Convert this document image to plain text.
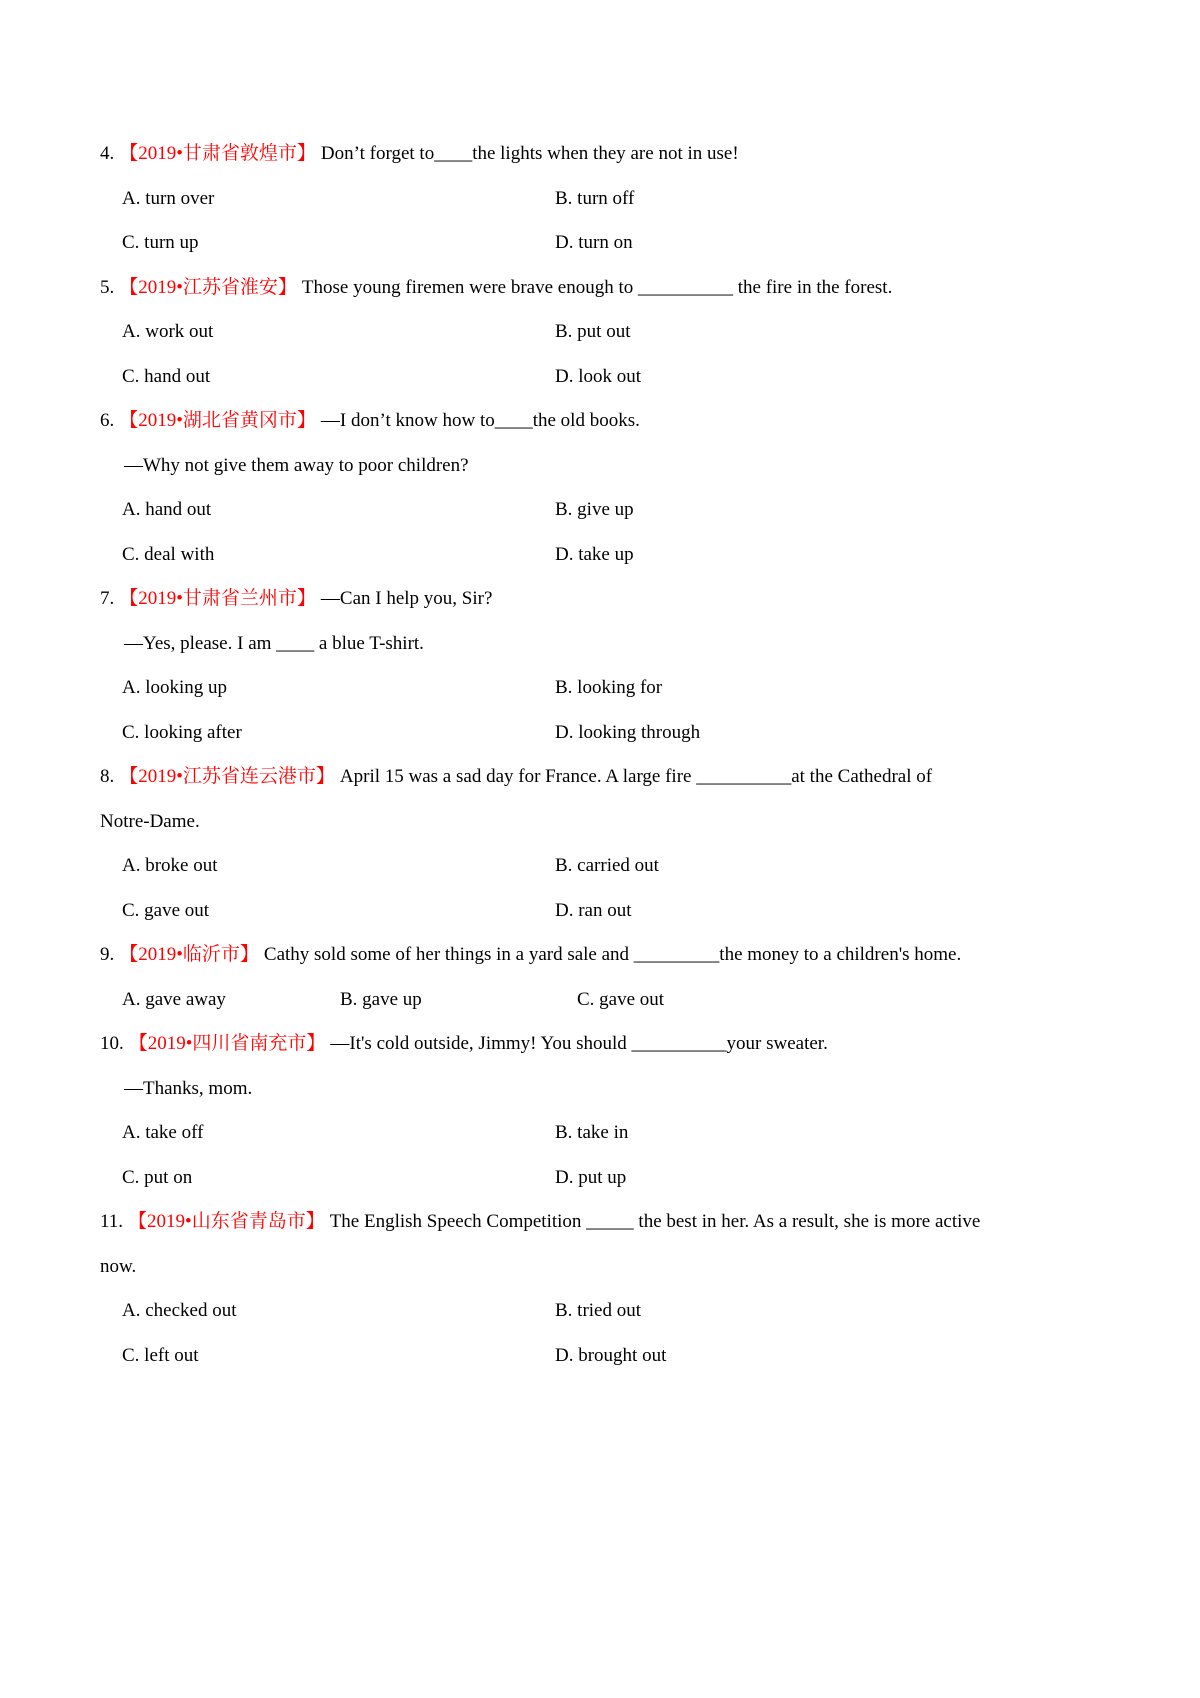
4. 【2019•甘肃省敦煌市】 Don’t forget to____the lights when they are not in use!

A. turn over	B. turn off

C. turn up	D. turn on

5. 【2019•江苏省淮安】 Those young firemen were brave enough to __________ the fire in the forest.

A. work out	B. put out

C. hand out	D. look out

6. 【2019•湖北省黄冈市】 —I don’t know how to____the old books.

—Why not give them away to poor children?

A. hand out	B. give up

C. deal with	D. take up

7. 【2019•甘肃省兰州市】 —Can I help you, Sir?

—Yes, please. I am ____ a blue T-shirt.

A. looking up	B. looking for

C. looking after	D. looking through

8. 【2019•江苏省连云港市】 April 15 was a sad day for France. A large fire __________at the Cathedral of

Notre-Dame.

A. broke out	B. carried out

C. gave out	D. ran out

9. 【2019•临沂市】 Cathy sold some of her things in a yard sale and _________the money to a children's home.

A. gave away	B. gave up	C. gave out

10. 【2019•四川省南充市】 —It's cold outside, Jimmy! You should __________your sweater.

—Thanks, mom.

A. take off	B. take in

C. put on	D. put up

11. 【2019•山东省青岛市】 The English Speech Competition _____ the best in her. As a result, she is more active

now.

A. checked out	B. tried out

C. left out	D. brought out
